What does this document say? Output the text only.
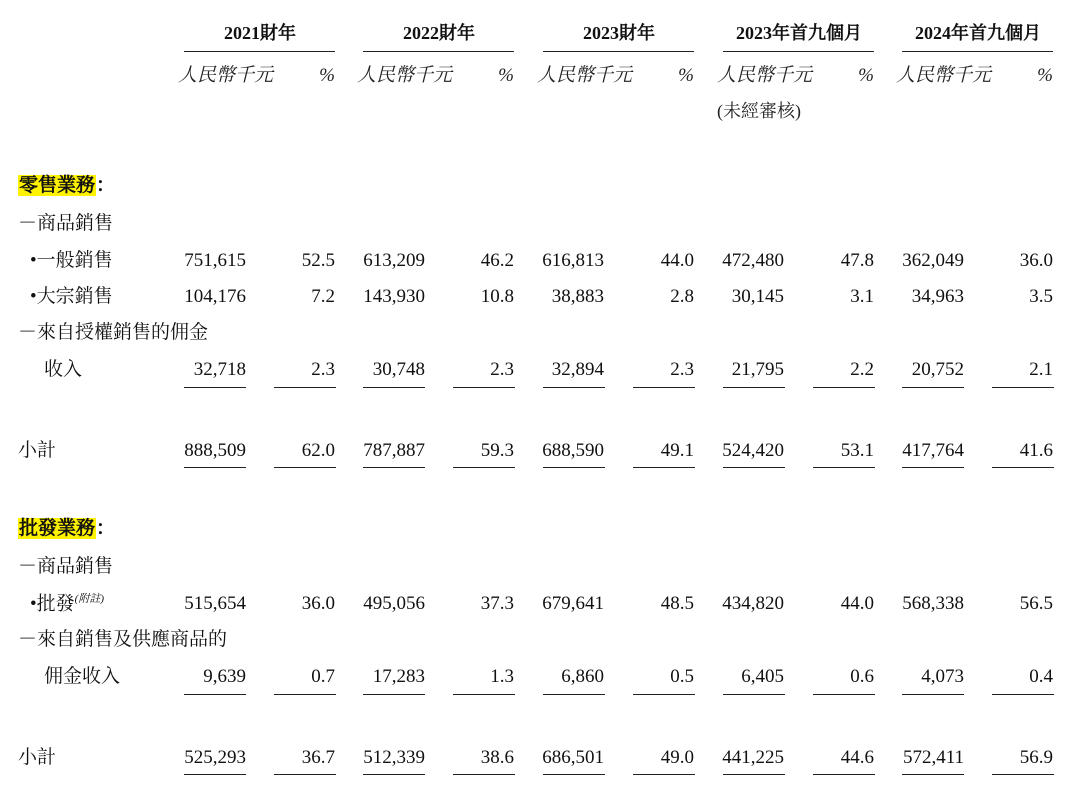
2021財年	2022財年	2023財年	2023年首九個月	2024年首九個月
人民幣千元	% 人民幣千元	% 人民幣千元	% 人民幣千元	% 人民幣千元	%
(未經審核)
零售業務：
－商品銷售
•一般銷售	751,615	52.5	613,209	46.2	616,813	44.0	472,480	47.8	362,049	36.0
•大宗銷售	104,176	7.2	143,930	10.8	38,883	2.8	30,145	3.1	34,963	3.5
－來自授權銷售的佣金
收入	32,718	2.3	30,748	2.3	32,894	2.3	21,795	2.2	20,752	2.1
小計	888,509	62.0	787,887	59.3	688,590	49.1	524,420	53.1	417,764	41.6
批發業務：
－商品銷售
•批發$^{(附註)}$	515,654	36.0	495,056	37.3	679,641	48.5	434,820	44.0	568,338	56.5
－來自銷售及供應商品的
佣金收入	9,639	0.7	17,283	1.3	6,860	0.5	6,405	0.6	4,073	0.4
小計	525,293	36.7	512,339	38.6	686,501	49.0	441,225	44.6	572,411	56.9
